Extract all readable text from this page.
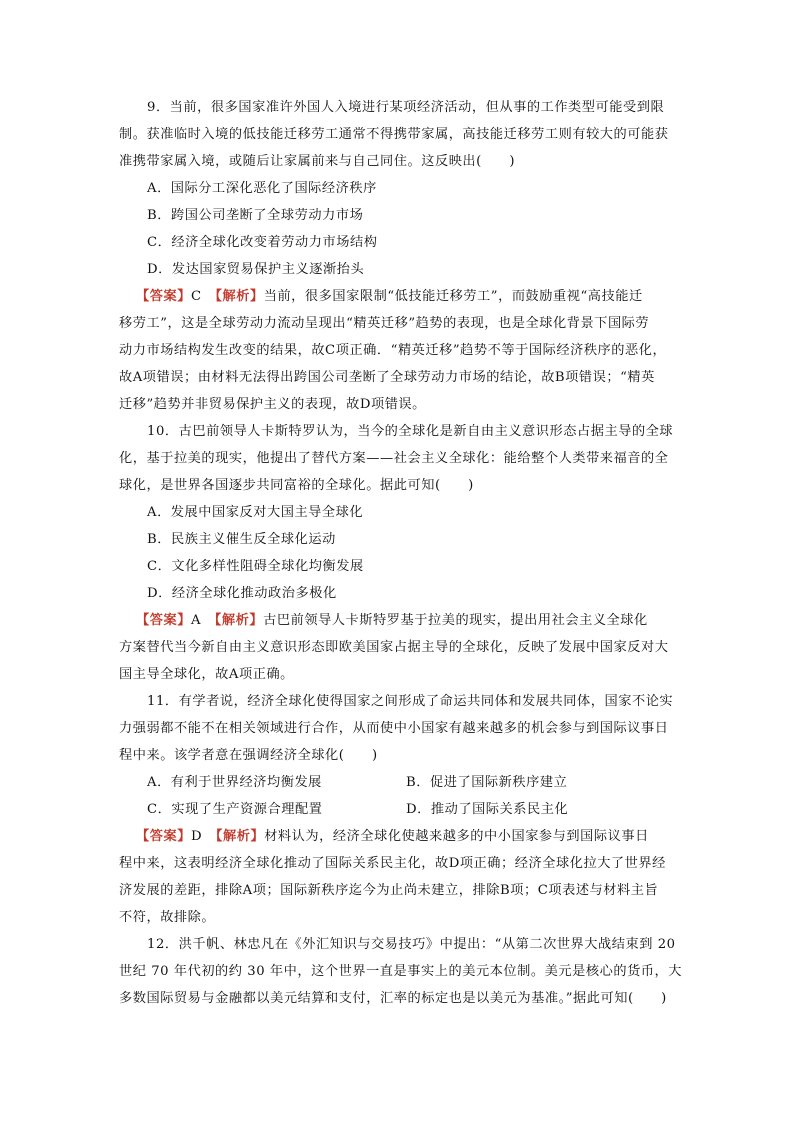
9．当前，很多国家准许外国人入境进行某项经济活动，但从事的工作类型可能受到限
制。获准临时入境的低技能迁移劳工通常不得携带家属，高技能迁移劳工则有较大的可能获
准携带家属入境，或随后让家属前来与自己同住。这反映出(　　)
A．国际分工深化恶化了国际经济秩序
B．跨国公司垄断了全球劳动力市场
C．经济全球化改变着劳动力市场结构
D．发达国家贸易保护主义逐渐抬头
【答案】C　【解析】当前，很多国家限制“低技能迁移劳工”，而鼓励重视“高技能迁
移劳工”，这是全球劳动力流动呈现出“精英迁移”趋势的表现，也是全球化背景下国际劳
动力市场结构发生改变的结果，故C项正确．“精英迁移”趋势不等于国际经济秩序的恶化，
故A项错误；由材料无法得出跨国公司垄断了全球劳动力市场的结论，故B项错误；“精英
迁移”趋势并非贸易保护主义的表现，故D项错误。
10．古巴前领导人卡斯特罗认为，当今的全球化是新自由主义意识形态占据主导的全球
化，基于拉美的现实，他提出了替代方案——社会主义全球化：能给整个人类带来福音的全
球化，是世界各国逐步共同富裕的全球化。据此可知(　　)
A．发展中国家反对大国主导全球化
B．民族主义催生反全球化运动
C．文化多样性阻碍全球化均衡发展
D．经济全球化推动政治多极化
【答案】A　【解析】古巴前领导人卡斯特罗基于拉美的现实，提出用社会主义全球化
方案替代当今新自由主义意识形态即欧美国家占据主导的全球化，反映了发展中国家反对大
国主导全球化，故A项正确。
11．有学者说，经济全球化使得国家之间形成了命运共同体和发展共同体，国家不论实
力强弱都不能不在相关领域进行合作，从而使中小国家有越来越多的机会参与到国际议事日
程中来。该学者意在强调经济全球化(　　)
A．有利于世界经济均衡发展	B．促进了国际新秩序建立
C．实现了生产资源合理配置	D．推动了国际关系民主化
【答案】D　【解析】材料认为，经济全球化使越来越多的中小国家参与到国际议事日
程中来，这表明经济全球化推动了国际关系民主化，故D项正确；经济全球化拉大了世界经
济发展的差距，排除A项；国际新秩序迄今为止尚未建立，排除B项；C项表述与材料主旨
不符，故排除。
12．洪千帆、林忠凡在《外汇知识与交易技巧》中提出：“从第二次世界大战结束到 20
世纪 70 年代初的约 30 年中，这个世界一直是事实上的美元本位制。美元是核心的货币，大
多数国际贸易与金融都以美元结算和支付，汇率的标定也是以美元为基准。”据此可知(　　)
